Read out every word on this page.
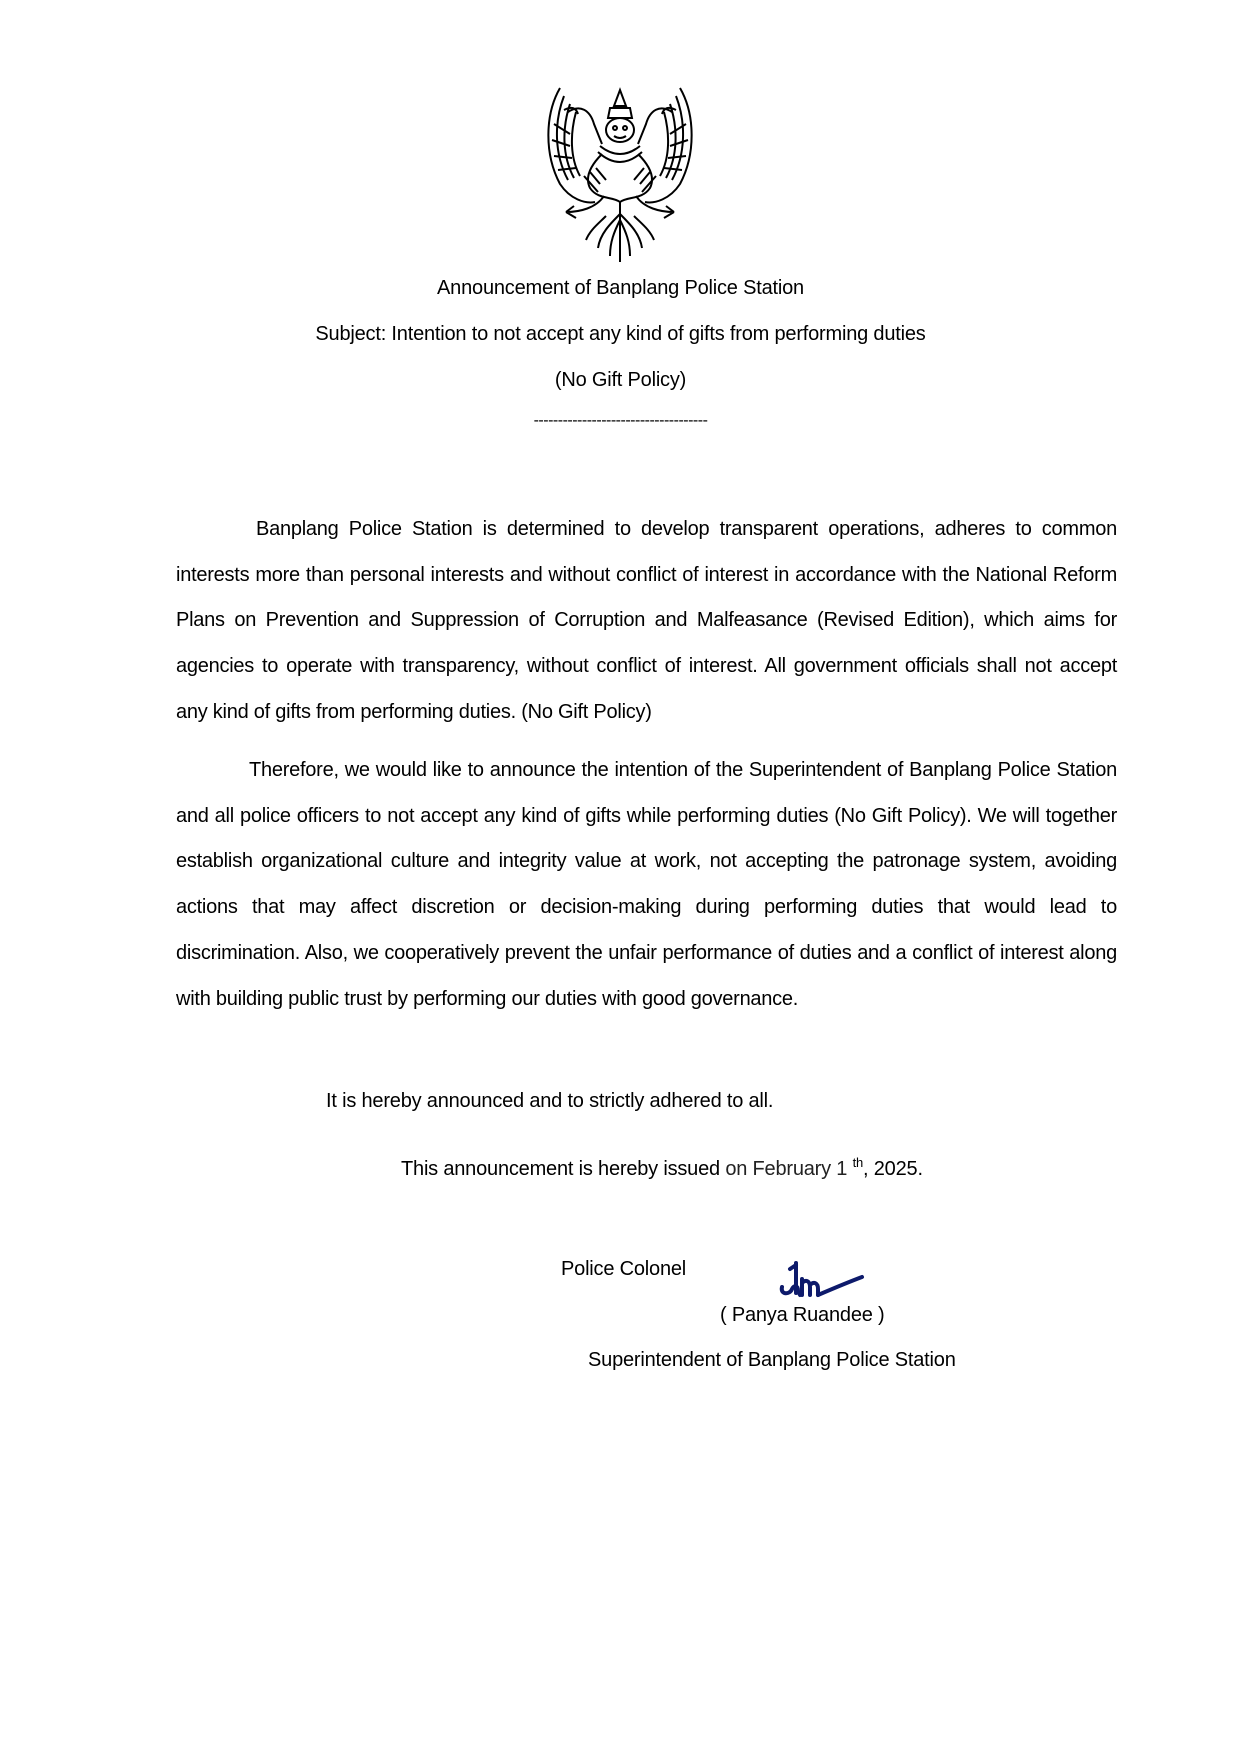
Announcement of Banplang Police Station
Subject: Intention to not accept any kind of gifts from performing duties
(No Gift Policy)
------------------------------------
Banplang Police Station is determined to develop transparent operations, adheres to common interests more than personal interests and without conflict of interest in accordance with the National Reform Plans on Prevention and Suppression of Corruption and Malfeasance (Revised Edition), which aims for agencies to operate with transparency, without conflict of interest. All government officials shall not accept any kind of gifts from performing duties. (No Gift Policy)
Therefore, we would like to announce the intention of the Superintendent of Banplang Police Station and all police officers to not accept any kind of gifts while performing duties (No Gift Policy). We will together establish organizational culture and integrity value at work, not accepting the patronage system, avoiding actions that may affect discretion or decision-making during performing duties that would lead to discrimination. Also, we cooperatively prevent the unfair performance of duties and a conflict of interest along with building public trust by performing our duties with good governance.
It is hereby announced and to strictly adhered to all.
This announcement is hereby issued on February 1 $^{th}$, 2025.
Police Colonel
( Panya Ruandee )
Superintendent of Banplang Police Station
